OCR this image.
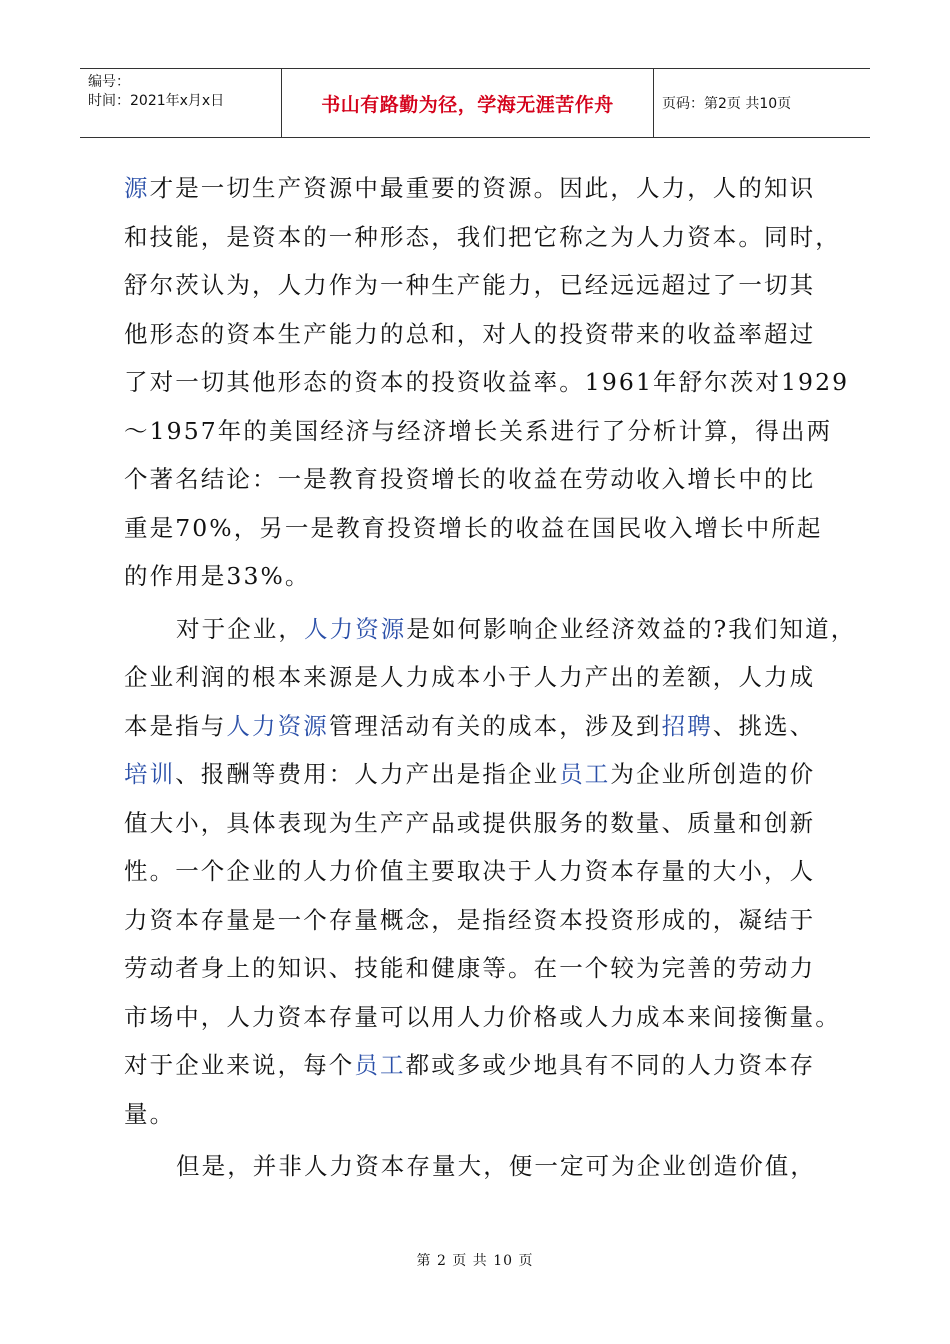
编号：
时间：2021年x月x日	书山有路勤为径，学海无涯苦作舟	页码：第2页 共10页
源才是一切生产资源中最重要的资源。因此，人力，人的知识
和技能，是资本的一种形态，我们把它称之为人力资本。同时，
舒尔茨认为，人力作为一种生产能力，已经远远超过了一切其
他形态的资本生产能力的总和，对人的投资带来的收益率超过
了对一切其他形态的资本的投资收益率。1961年舒尔茨对1929
～1957年的美国经济与经济增长关系进行了分析计算，得出两
个著名结论：一是教育投资增长的收益在劳动收入增长中的比
重是70%，另一是教育投资增长的收益在国民收入增长中所起
的作用是33%。
对于企业，人力资源是如何影响企业经济效益的?我们知道，
企业利润的根本来源是人力成本小于人力产出的差额，人力成
本是指与人力资源管理活动有关的成本，涉及到招聘、挑选、
培训、报酬等费用：人力产出是指企业员工为企业所创造的价
值大小，具体表现为生产产品或提供服务的数量、质量和创新
性。一个企业的人力价值主要取决于人力资本存量的大小，人
力资本存量是一个存量概念，是指经资本投资形成的，凝结于
劳动者身上的知识、技能和健康等。在一个较为完善的劳动力
市场中，人力资本存量可以用人力价格或人力成本来间接衡量。
对于企业来说，每个员工都或多或少地具有不同的人力资本存
量。
但是，并非人力资本存量大，便一定可为企业创造价值，
第 2 页 共 10 页
